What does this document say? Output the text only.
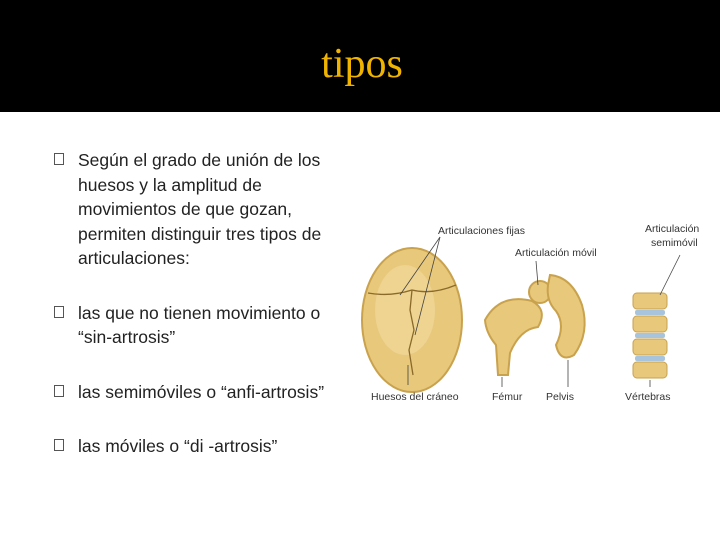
tipos
Según el grado de unión de los huesos y la amplitud de movimientos de que gozan, permiten distinguir tres tipos de articulaciones:
las que no tienen movimiento o “sin-artrosis”
las semimóviles o “anfi-artrosis”
las móviles o “di -artrosis”
Articulaciones fijas
Articulación móvil
Articulación
semimóvil
Huesos del cráneo	Fémur Pelvis	Vértebras
